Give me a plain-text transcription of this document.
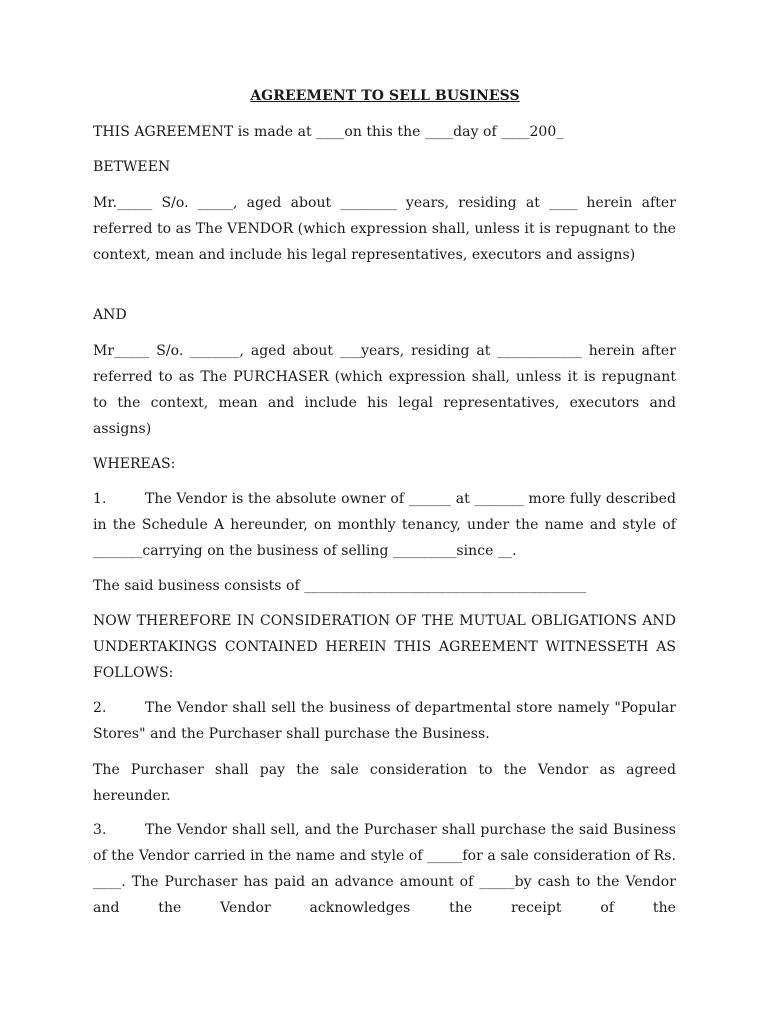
AGREEMENT TO SELL BUSINESS

THIS AGREEMENT is made at ____on this the ____day of ____200_

BETWEEN

Mr._____ S/o. _____, aged about ________ years, residing at ____ herein after referred to as The VENDOR (which expression shall, unless it is repugnant to the context, mean and include his legal representatives, executors and assigns)

AND

Mr_____ S/o. _______, aged about ___years, residing at ____________ herein after referred to as The PURCHASER (which expression shall, unless it is repugnant to the context, mean and include his legal representatives, executors and assigns)

WHEREAS:

1.	The Vendor is the absolute owner of ______ at _______ more fully described in the Schedule A hereunder, on monthly tenancy, under the name and style of _______carrying on the business of selling _________since __.

The said business consists of ________________________________________

NOW THEREFORE IN CONSIDERATION OF THE MUTUAL OBLIGATIONS AND UNDERTAKINGS CONTAINED HEREIN THIS AGREEMENT WITNESSETH AS FOLLOWS:

2.	The Vendor shall sell the business of departmental store namely "Popular Stores" and the Purchaser shall purchase the Business.

The Purchaser shall pay the sale consideration to the Vendor as agreed hereunder.

3.	The Vendor shall sell, and the Purchaser shall purchase the said Business of the Vendor carried in the name and style of _____for a sale consideration of Rs. ____. The Purchaser has paid an advance amount of _____by cash to the Vendor and the Vendor acknowledges the receipt of the
